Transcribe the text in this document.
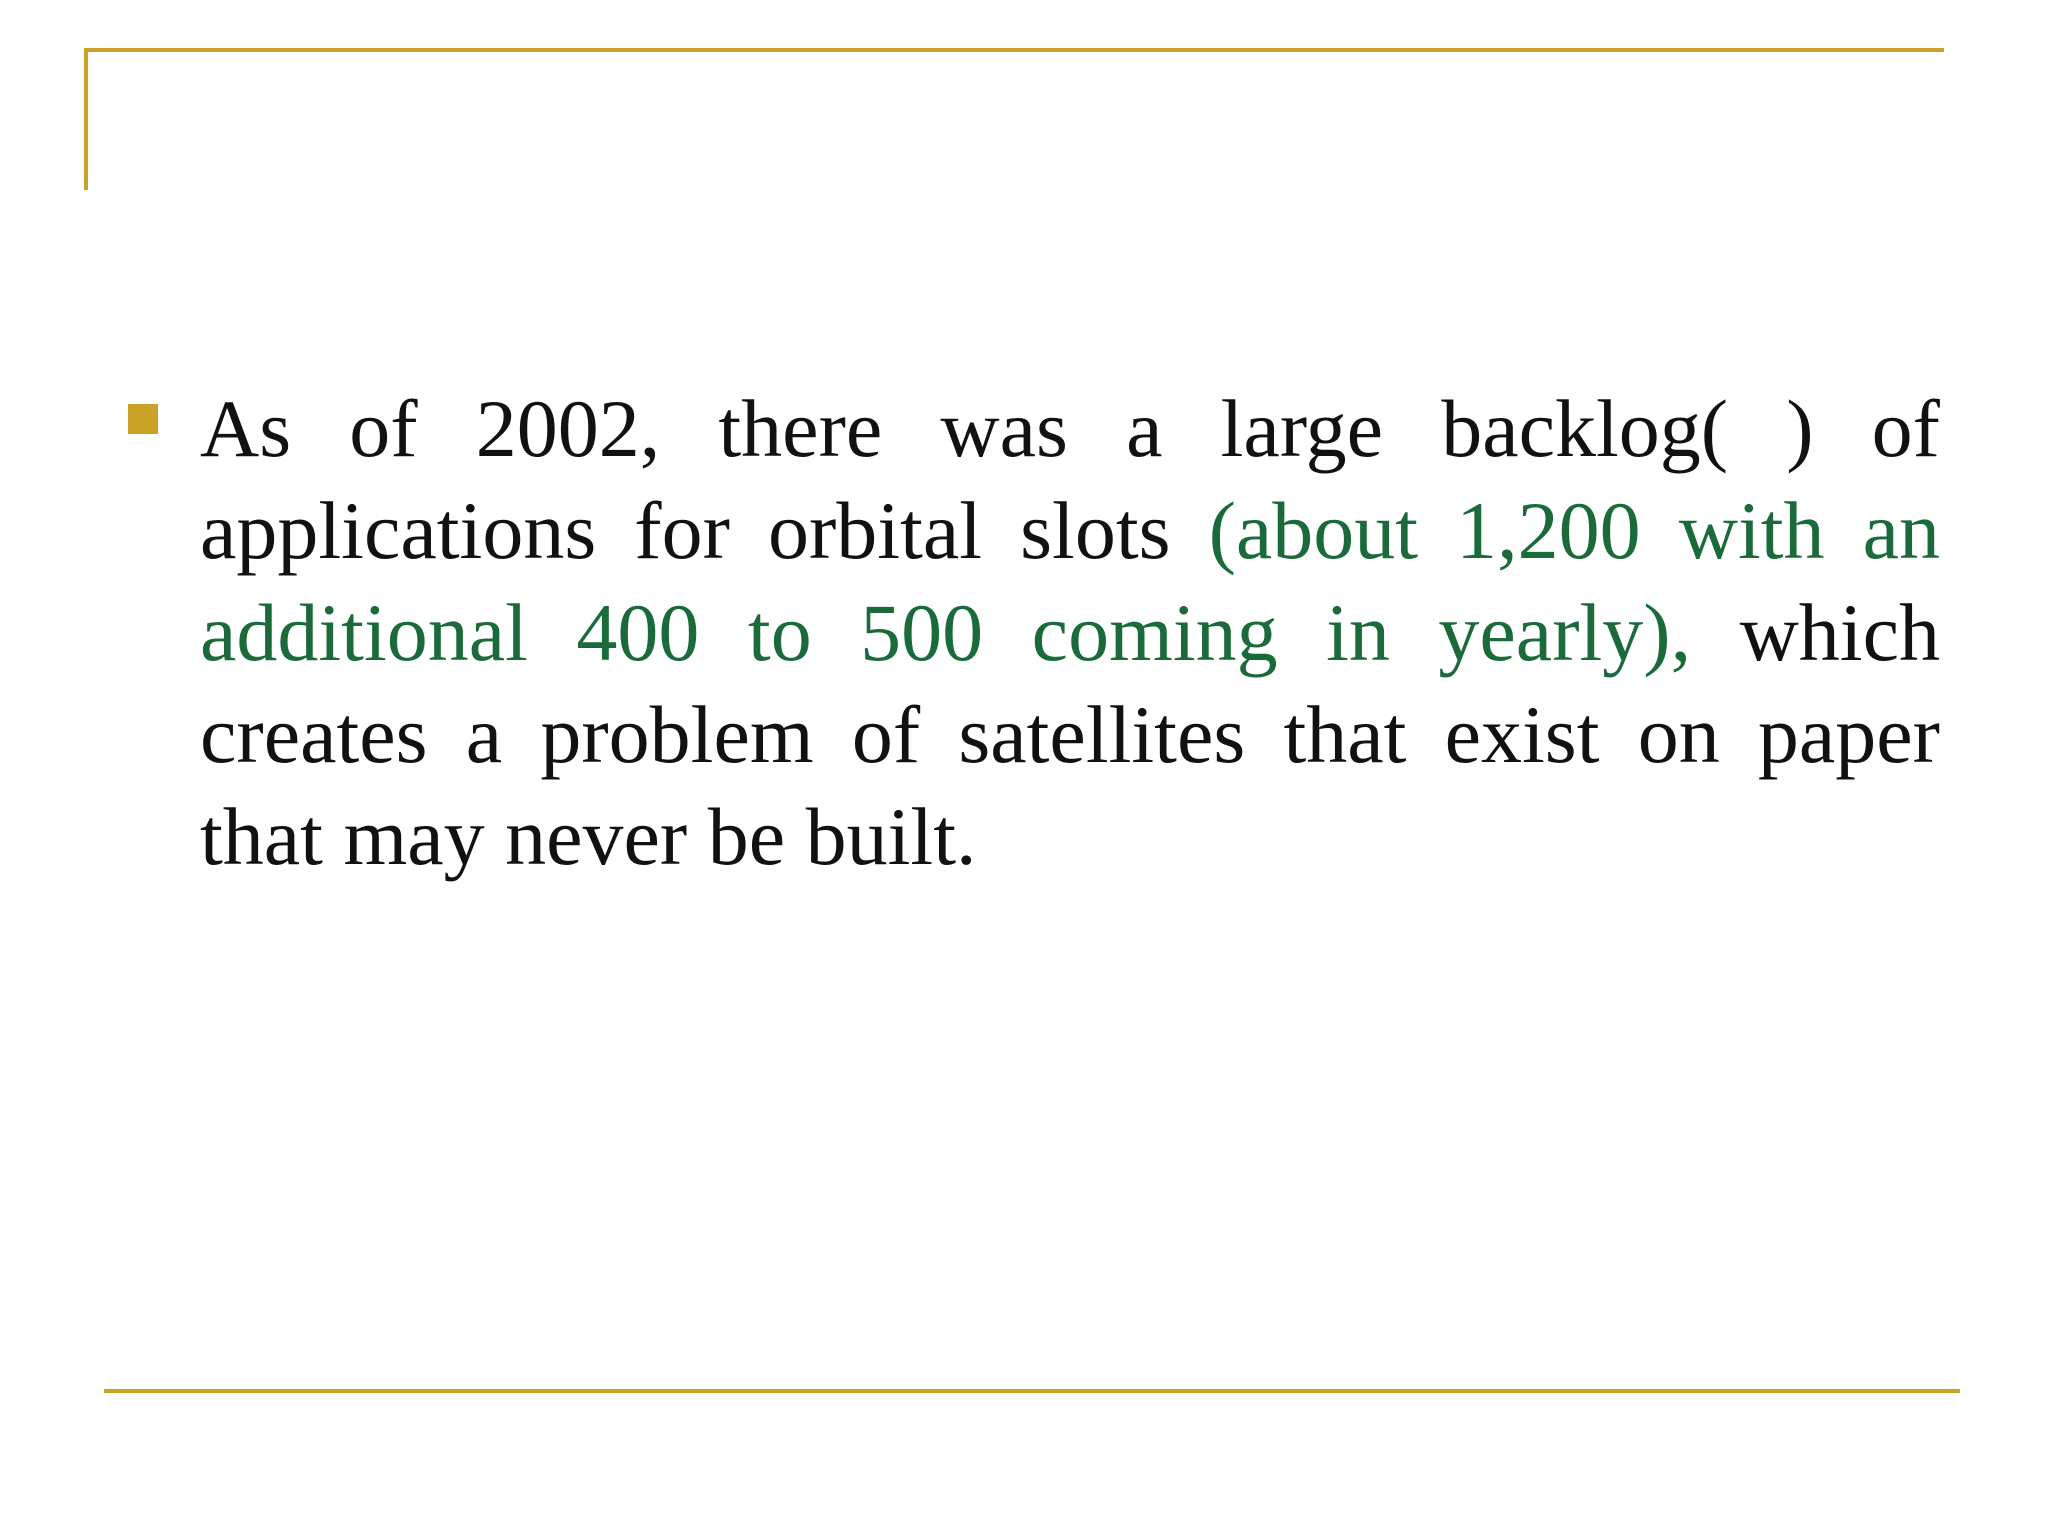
As of 2002, there was a large backlog( ) of applications for orbital slots (about 1,200 with an additional 400 to 500 coming in yearly), which creates a problem of satellites that exist on paper that may never be built.
